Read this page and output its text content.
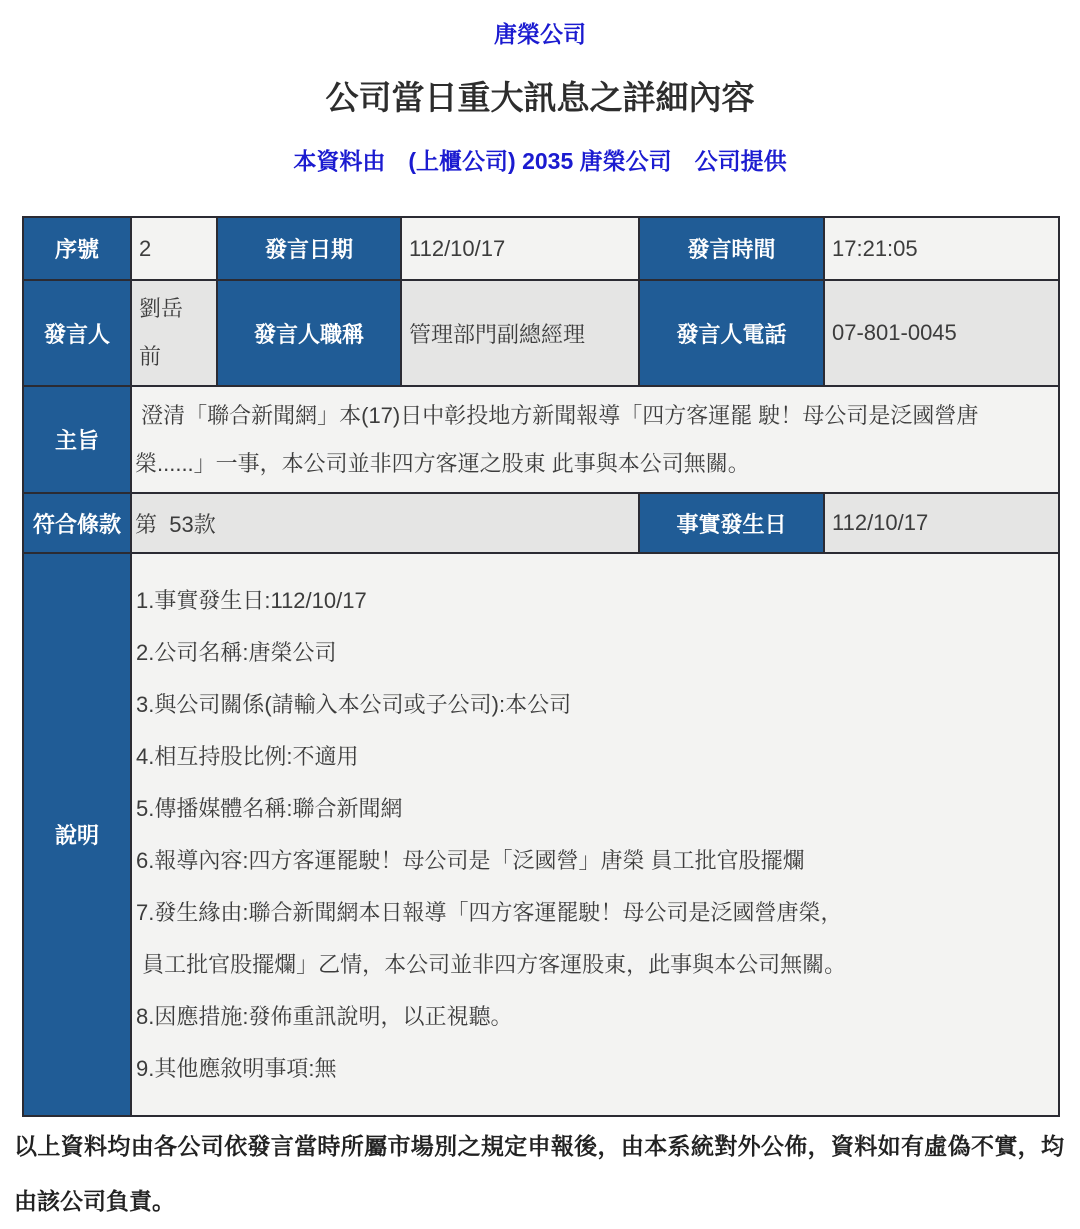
唐榮公司
公司當日重大訊息之詳細內容
本資料由　(上櫃公司) 2035 唐榮公司　公司提供
序號	2	發言日期	112/10/17	發言時間	17:21:05
發言人	劉岳前	發言人職稱	管理部門副總經理	發言人電話	07-801-0045
主旨	澄清「聯合新聞網」本(17)日中彰投地方新聞報導「四方客運罷 駛！母公司是泛國營唐榮......」一事，本公司並非四方客運之股東 此事與本公司無關。				
符合條款	第  53款			事實發生日	112/10/17
說明	
1.事實發生日:112/10/17
2.公司名稱:唐榮公司
3.與公司關係(請輸入本公司或子公司):本公司
4.相互持股比例:不適用
5.傳播媒體名稱:聯合新聞網
6.報導內容:四方客運罷駛！母公司是「泛國營」唐榮 員工批官股擺爛
7.發生緣由:聯合新聞網本日報導「四方客運罷駛！母公司是泛國營唐榮，
員工批官股擺爛」乙情，本公司並非四方客運股東，此事與本公司無關。
8.因應措施:發佈重訊說明，以正視聽。
9.其他應敘明事項:無
以上資料均由各公司依發言當時所屬市場別之規定申報後，由本系統對外公佈，資料如有虛偽不實，均由該公司負責。
